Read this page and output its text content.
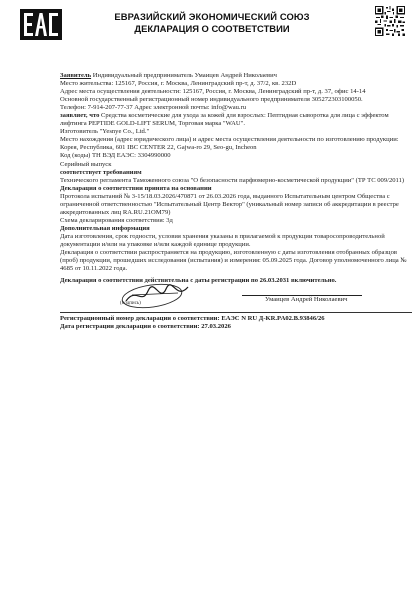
ЕВРАЗИЙСКИЙ ЭКОНОМИЧЕСКИЙ СОЮЗ
ДЕКЛАРАЦИЯ О СООТВЕТСТВИИ

Заявитель Индивидуальный предприниматель Умаицев Андрей Николаевич

Место жительства: 125167, Россия, г. Москва, Ленинградский пр-т, д. 37/2, кв. 232D

Адрес места осуществления деятельности: 125167, Россия, г. Москва, Ленинградский пр-т, д. 37, офис 14-14

Основной государственный регистрационный номер индивидуального предпринимателя 305272303100050.

Телефон: 7-914-207-77-37 Адрес электронной почты: info@wau.ru

заявляет, что Средства косметические для ухода за кожей для взрослых: Пептидная сыворотка для лица с эффектом лифтинга PEPTIDE GOLD-LIFT SERUM, Торговая марка "WAU".

Изготовитель "Yesnye Co., Ltd."

Место нахождения (адрес юридического лица) и адрес места осуществления деятельности по изготовлению продукции: Корея, Республика, 601 IBC CENTER 22, Gajwa-ro 29, Seo-gu, Incheon

Код (коды) ТН ВЭД ЕАЭС: 3304990000

Серийный выпуск

соответствует требованиям

Технического регламента Таможенного союза "О безопасности парфюмерно-косметической продукции" (ТР ТС 009/2011)

Декларация о соответствии принята на основании

Протокола испытаний № 3-15/18.03.2026/470871 от 26.03.2026 года, выданного Испытательным центром Общества с ограниченной ответственностью "Испытательный Центр Вектор" (уникальный номер записи об аккредитации в реестре аккредитованных лиц RA.RU.21OM79)

Схема декларирования соответствия: 3д

Дополнительная информация

Дата изготовления, срок годности, условия хранения указаны в прилагаемой к продукции товаросопроводительной документации и/или на упаковке и/или каждой единице продукции.

Декларация о соответствии распространяется на продукцию, изготовленную с даты изготовления отобранных образцов (проб) продукции, прошедших исследования (испытания) и измерения: 05.09.2025 года. Договор уполномоченного лица № 4685 от 10.11.2022 года.

Декларация о соответствии действительна с даты регистрации по 26.03.2031 включительно.

Умаицев Андрей Николаевич
(подпись)

Регистрационный номер декларации о соответствии: ЕАЭС N RU Д-KR.PA02.B.93846/26

Дата регистрации декларации о соответствии: 27.03.2026
